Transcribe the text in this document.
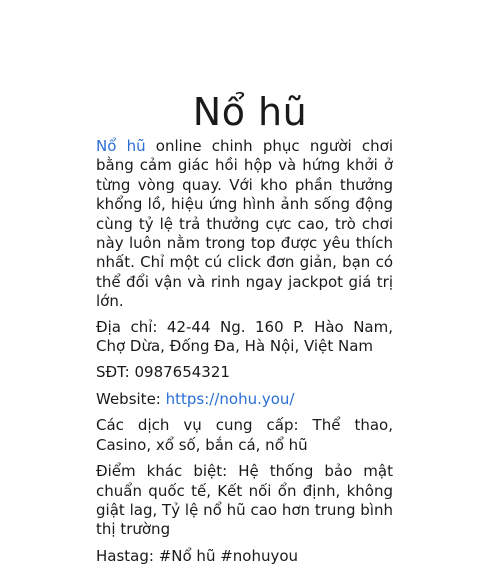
Nổ hũ

Nổ hũ online chinh phục người chơi bằng cảm giác hồi hộp và hứng khởi ở từng vòng quay. Với kho phần thưởng khổng lồ, hiệu ứng hình ảnh sống động cùng tỷ lệ trả thưởng cực cao, trò chơi này luôn nằm trong top được yêu thích nhất. Chỉ một cú click đơn giản, bạn có thể đổi vận và rinh ngay jackpot giá trị lớn.

Địa chỉ: 42-44 Ng. 160 P. Hào Nam, Chợ Dừa, Đống Đa, Hà Nội, Việt Nam

SĐT: 0987654321

Website: https://nohu.you/

Các dịch vụ cung cấp: Thể thao, Casino, xổ số, bắn cá, nổ hũ

Điểm khác biệt: Hệ thống bảo mật chuẩn quốc tế, Kết nối ổn định, không giật lag, Tỷ lệ nổ hũ cao hơn trung bình thị trường

Hastag: #Nổ hũ #nohuyou
